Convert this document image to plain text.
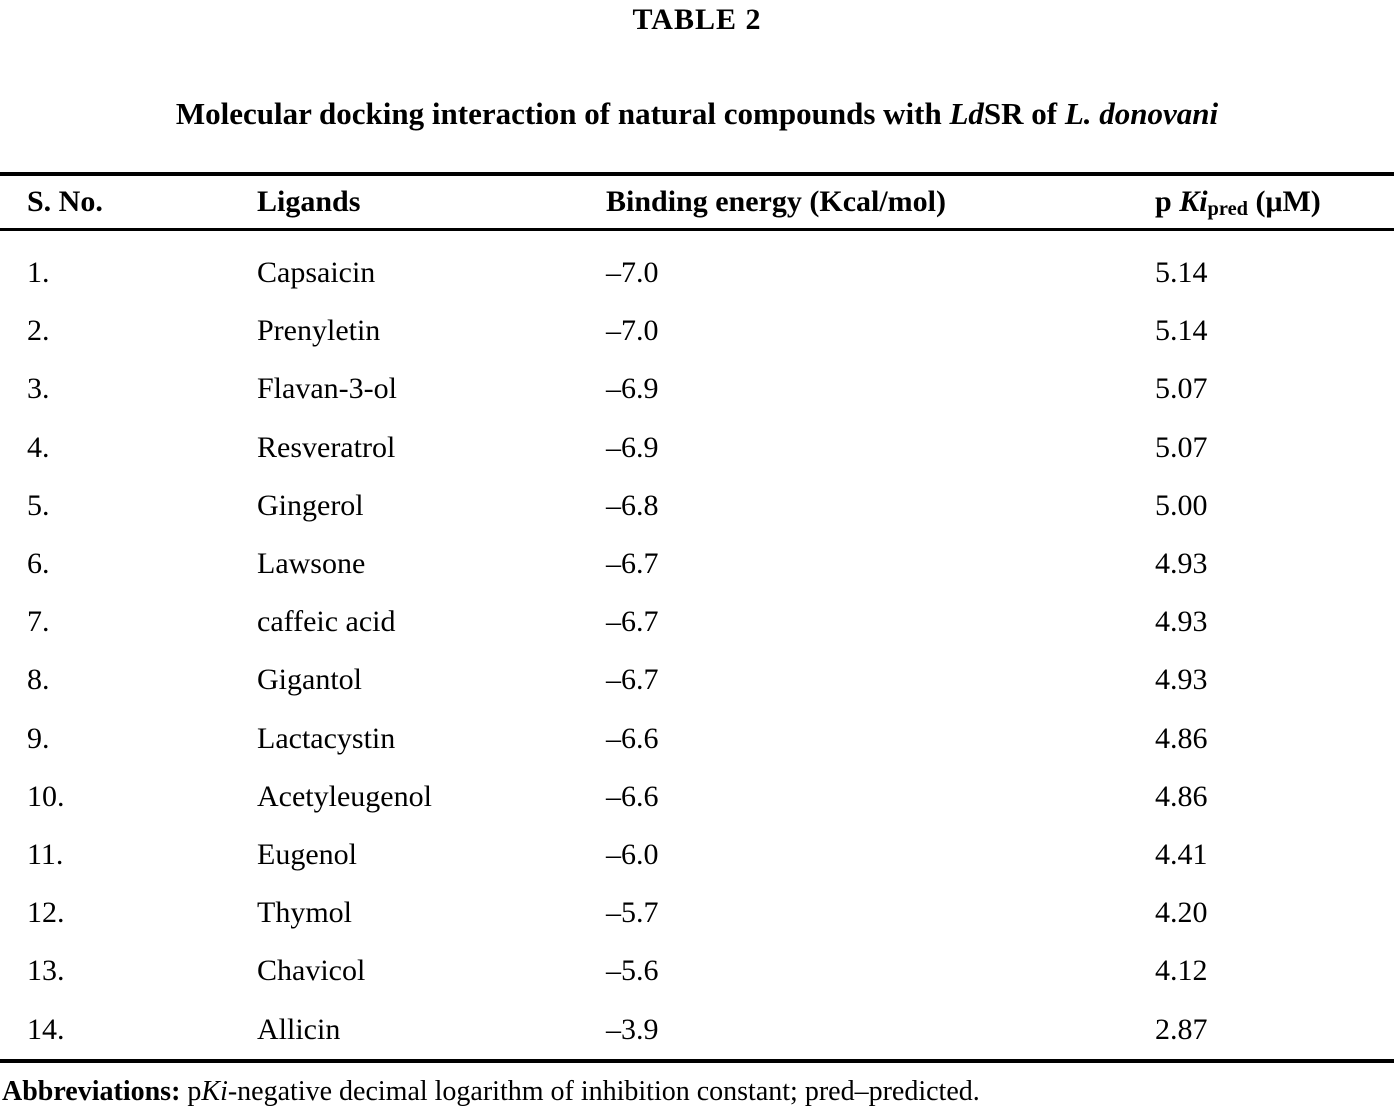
TABLE 2
Molecular docking interaction of natural compounds with LdSR of L. donovani
S. No.	Ligands	Binding energy (Kcal/mol)	p $Ki_{pred}$ (μM)
1.	Capsaicin	–7.0	5.14
2.	Prenyletin	–7.0	5.14
3.	Flavan-3-ol	–6.9	5.07
4.	Resveratrol	–6.9	5.07
5.	Gingerol	–6.8	5.00
6.	Lawsone	–6.7	4.93
7.	caffeic acid	–6.7	4.93
8.	Gigantol	–6.7	4.93
9.	Lactacystin	–6.6	4.86
10.	Acetyleugenol	–6.6	4.86
11.	Eugenol	–6.0	4.41
12.	Thymol	–5.7	4.20
13.	Chavicol	–5.6	4.12
14.	Allicin	–3.9	2.87
Abbreviations: pKi-negative decimal logarithm of inhibition constant; pred–predicted.
